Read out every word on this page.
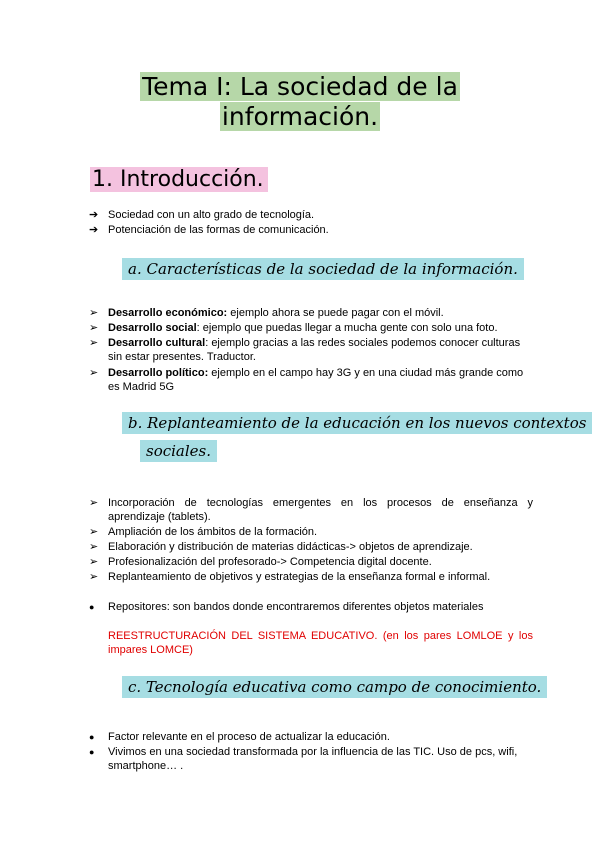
Tema I: La sociedad de la
información.
1. Introducción.
➔ Sociedad con un alto grado de tecnología.
➔ Potenciación de las formas de comunicación.
a. Características de la sociedad de la información.
➢ Desarrollo económico: ejemplo ahora se puede pagar con el móvil.
➢ Desarrollo social: ejemplo que puedas llegar a mucha gente con solo una foto.
➢ Desarrollo cultural: ejemplo gracias a las redes sociales podemos conocer culturas
sin estar presentes. Traductor.
➢ Desarrollo político: ejemplo en el campo hay 3G y en una ciudad más grande como
es Madrid 5G
b. Replanteamiento de la educación en los nuevos contextos
sociales.
➢ Incorporación de tecnologías emergentes en los procesos de enseñanza y
aprendizaje (tablets).
➢ Ampliación de los ámbitos de la formación.
➢ Elaboración y distribución de materias didácticas-> objetos de aprendizaje.
➢ Profesionalización del profesorado-> Competencia digital docente.
➢ Replanteamiento de objetivos y estrategias de la enseñanza formal e informal.
● Repositores: son bandos donde encontraremos diferentes objetos materiales
REESTRUCTURACIÓN DEL SISTEMA EDUCATIVO. (en los pares LOMLOE y los
impares LOMCE)
c. Tecnología educativa como campo de conocimiento.
● Factor relevante en el proceso de actualizar la educación.
● Vivimos en una sociedad transformada por la influencia de las TIC. Uso de pcs, wifi,
smartphone… .
